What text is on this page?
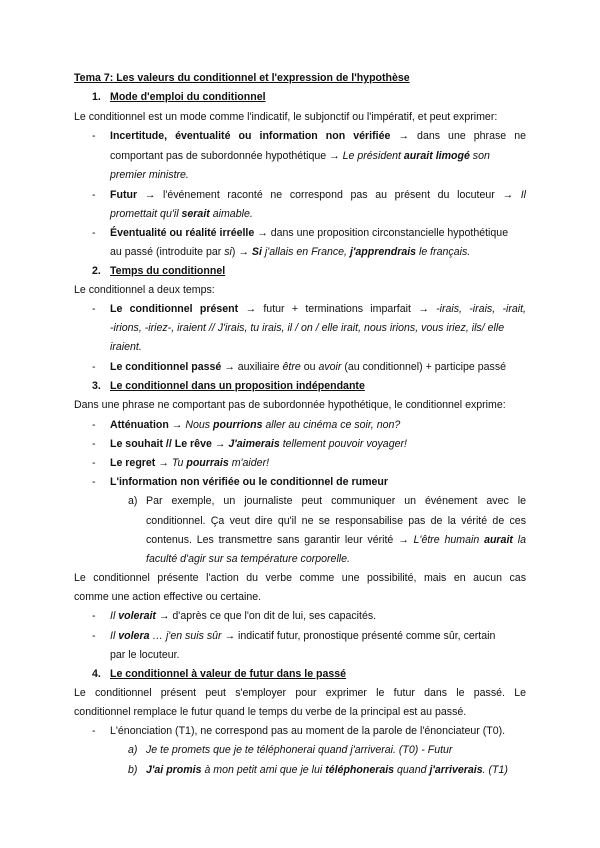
Tema 7: Les valeurs du conditionnel et l'expression de l'hypothèse
1. Mode d'emploi du conditionnel
Le conditionnel est un mode comme l'indicatif, le subjonctif ou l'impératif, et peut exprimer:
- Incertitude, éventualité ou information non vérifiée → dans une phrase ne
comportant pas de subordonnée hypothétique → Le président aurait limogé son
premier ministre.
- Futur → l'événement raconté ne correspond pas au présent du locuteur → Il
promettait qu'il serait aimable.
- Éventualité ou réalité irréelle → dans une proposition circonstancielle hypothétique
au passé (introduite par si) → Si j'allais en France, j'apprendrais le français.
2. Temps du conditionnel
Le conditionnel a deux temps:
- Le conditionnel présent → futur + terminations imparfait → -irais, -irais, -irait,
-irions, -iriez-, iraient // J'irais, tu irais, il / on / elle irait, nous irions, vous iriez, ils/ elle
iraient.
- Le conditionnel passé → auxiliaire être ou avoir (au conditionnel) + participe passé
3. Le conditionnel dans un proposition indépendante
Dans une phrase ne comportant pas de subordonnée hypothétique, le conditionnel exprime:
- Atténuation → Nous pourrions aller au cinéma ce soir, non?
- Le souhait // Le rêve → J'aimerais tellement pouvoir voyager!
- Le regret → Tu pourrais m'aider!
- L'information non vérifiée ou le conditionnel de rumeur
a) Par exemple, un journaliste peut communiquer un événement avec le
conditionnel. Ça veut dire qu'il ne se responsabilise pas de la vérité de ces
contenus. Les transmettre sans garantir leur vérité → L'être humain aurait la
faculté d'agir sur sa température corporelle.
Le conditionnel présente l'action du verbe comme une possibilité, mais en aucun cas
comme une action effective ou certaine.
- Il volerait → d'après ce que l'on dit de lui, ses capacités.
- Il volera … j'en suis sûr → indicatif futur, pronostique présenté comme sûr, certain
par le locuteur.
4. Le conditionnel à valeur de futur dans le passé
Le conditionnel présent peut s'employer pour exprimer le futur dans le passé. Le
conditionnel remplace le futur quand le temps du verbe de la principal est au passé.
- L'énonciation (T1), ne correspond pas au moment de la parole de l'énonciateur (T0).
a) Je te promets que je te téléphonerai quand j'arriverai. (T0) - Futur
b) J'ai promis à mon petit ami que je lui téléphonerais quand j'arriverais. (T1)
